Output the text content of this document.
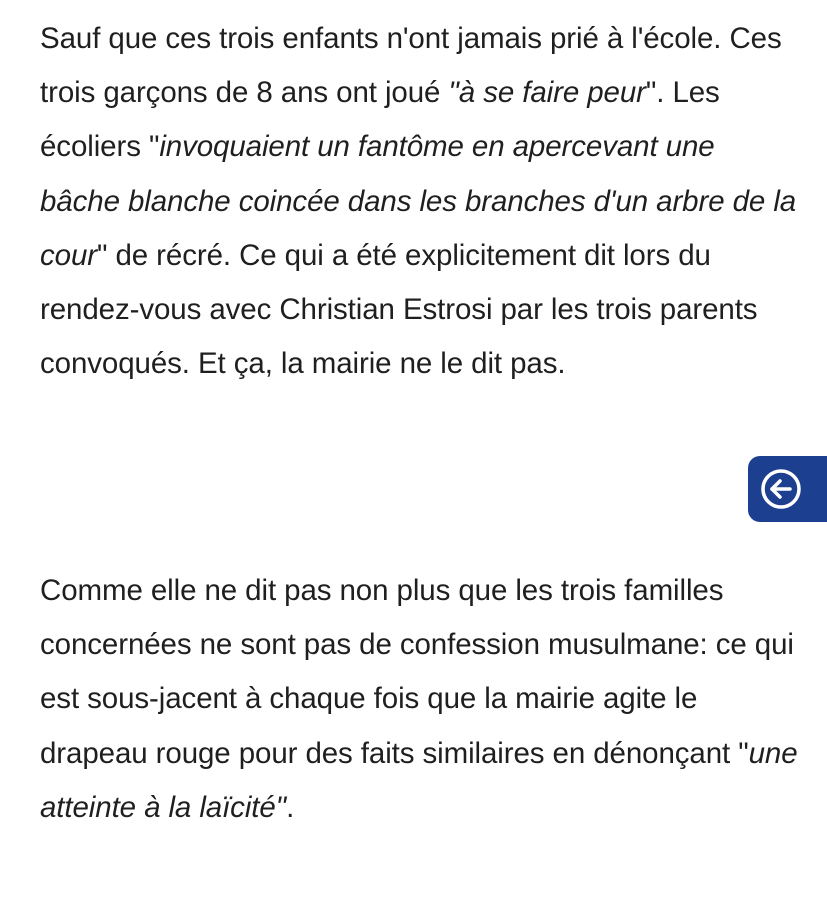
Sauf que ces trois enfants n'ont jamais prié à l'école. Ces trois garçons de 8 ans ont joué "à se faire peur". Les écoliers "invoquaient un fantôme en apercevant une bâche blanche coincée dans les branches d'un arbre de la cour" de récré. Ce qui a été explicitement dit lors du rendez-vous avec Christian Estrosi par les trois parents convoqués. Et ça, la mairie ne le dit pas.

Comme elle ne dit pas non plus que les trois familles concernées ne sont pas de confession musulmane: ce qui est sous-jacent à chaque fois que la mairie agite le drapeau rouge pour des faits similaires en dénonçant "une atteinte à la laïcité".
